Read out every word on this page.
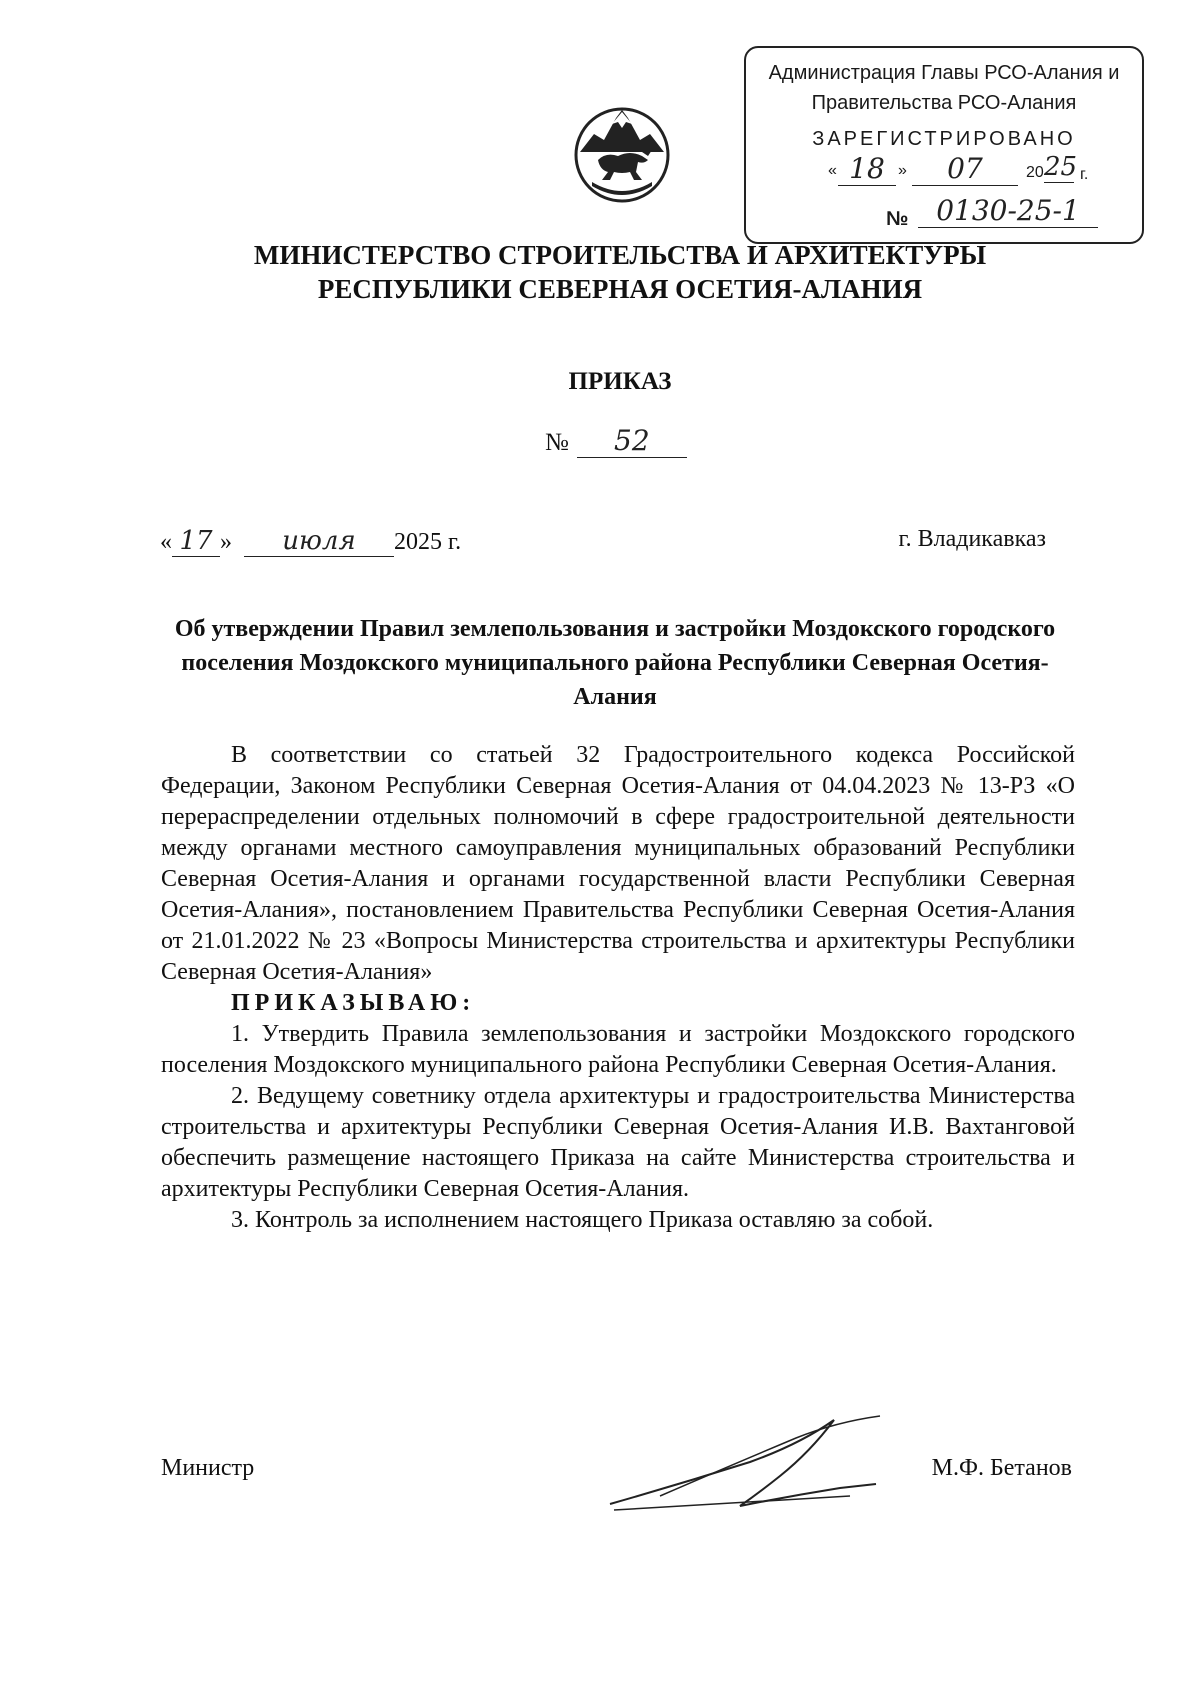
Администрация Главы РСО-Алания и
Правительства РСО-Алания
ЗАРЕГИСТРИРОВАНО
« 18 »	07	20 25 г.
№ 0130-25-1
МИНИСТЕРСТВО СТРОИТЕЛЬСТВА И АРХИТЕКТУРЫ
РЕСПУБЛИКИ СЕВЕРНАЯ ОСЕТИЯ-АЛАНИЯ
ПРИКАЗ
№ 52
« 17 » июля 2025 г.	г. Владикавказ
Об утверждении Правил землепользования и застройки Моздокского городского поселения Моздокского муниципального района Республики Северная Осетия-Алания

В соответствии со статьей 32 Градостроительного кодекса Российской Федерации, Законом Республики Северная Осетия-Алания от 04.04.2023 № 13-РЗ «О перераспределении отдельных полномочий в сфере градостроительной деятельности между органами местного самоуправления муниципальных образований Республики Северная Осетия-Алания и органами государственной власти Республики Северная Осетия-Алания», постановлением Правительства Республики Северная Осетия-Алания от 21.01.2022 № 23 «Вопросы Министерства строительства и архитектуры Республики Северная Осетия-Алания»

ПРИКАЗЫВАЮ:

1. Утвердить Правила землепользования и застройки Моздокского городского поселения Моздокского муниципального района Республики Северная Осетия-Алания.

2. Ведущему советнику отдела архитектуры и градостроительства Министерства строительства и архитектуры Республики Северная Осетия-Алания И.В. Вахтанговой обеспечить размещение настоящего Приказа на сайте Министерства строительства и архитектуры Республики Северная Осетия-Алания.

3. Контроль за исполнением настоящего Приказа оставляю за собой.

Министр	М.Ф. Бетанов
